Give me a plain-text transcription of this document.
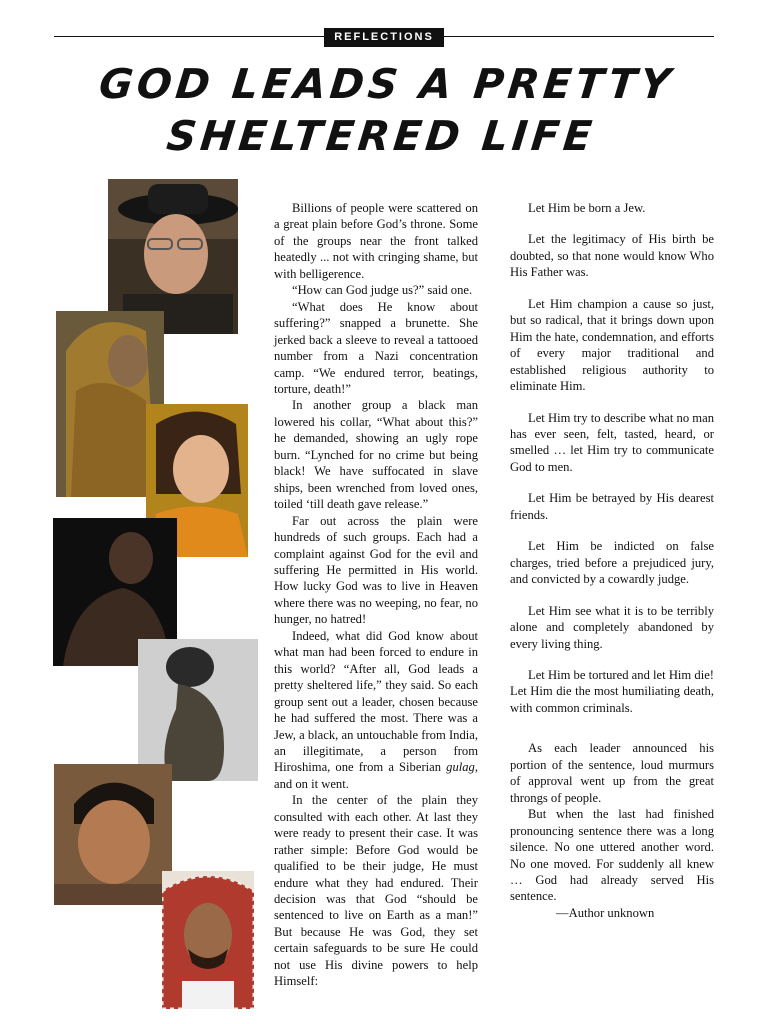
REFLECTIONS
GOD LEADS A PRETTY
SHELTERED LIFE

Billions of people were scattered on a great plain before God’s throne. Some of the groups near the front talked heatedly ... not with cringing shame, but with belligerence.

“How can God judge us?” said one.

“What does He know about suffering?” snapped a brunette. She jerked back a sleeve to reveal a tattooed number from a Nazi concentration camp. “We endured terror, beatings, torture, death!”

In another group a black man lowered his collar, “What about this?” he demanded, showing an ugly rope burn. “Lynched for no crime but being black! We have suffocated in slave ships, been wrenched from loved ones, toiled ‘till death gave release.”

Far out across the plain were hundreds of such groups. Each had a complaint against God for the evil and suffering He permitted in His world. How lucky God was to live in Heaven where there was no weeping, no fear, no hunger, no hatred!

Indeed, what did God know about what man had been forced to endure in this world? “After all, God leads a pretty sheltered life,” they said. So each group sent out a leader, chosen because he had suffered the most. There was a Jew, a black, an untouchable from India, an illegitimate, a person from Hiroshima, one from a Siberian gulag, and on it went.

In the center of the plain they consulted with each other. At last they were ready to present their case. It was rather simple: Before God would be qualified to be their judge, He must endure what they had endured. Their decision was that God “should be sentenced to live on Earth as a man!” But because He was God, they set certain safeguards to be sure He could not use His divine powers to help Himself:

Let Him be born a Jew.

Let the legitimacy of His birth be doubted, so that none would know Who His Father was.

Let Him champion a cause so just, but so radical, that it brings down upon Him the hate, condemnation, and efforts of every major traditional and established religious authority to eliminate Him.

Let Him try to describe what no man has ever seen, felt, tasted, heard, or smelled … let Him try to communicate God to men.

Let Him be betrayed by His dearest friends.

Let Him be indicted on false charges, tried before a prejudiced jury, and convicted by a cowardly judge.

Let Him see what it is to be terribly alone and completely abandoned by every living thing.

Let Him be tortured and let Him die! Let Him die the most humiliating death, with common criminals.

As each leader announced his portion of the sentence, loud murmurs of approval went up from the great throngs of people.

But when the last had finished pronouncing sentence there was a long silence. No one uttered another word. No one moved. For suddenly all knew … God had already served His sentence.

—Author unknown
